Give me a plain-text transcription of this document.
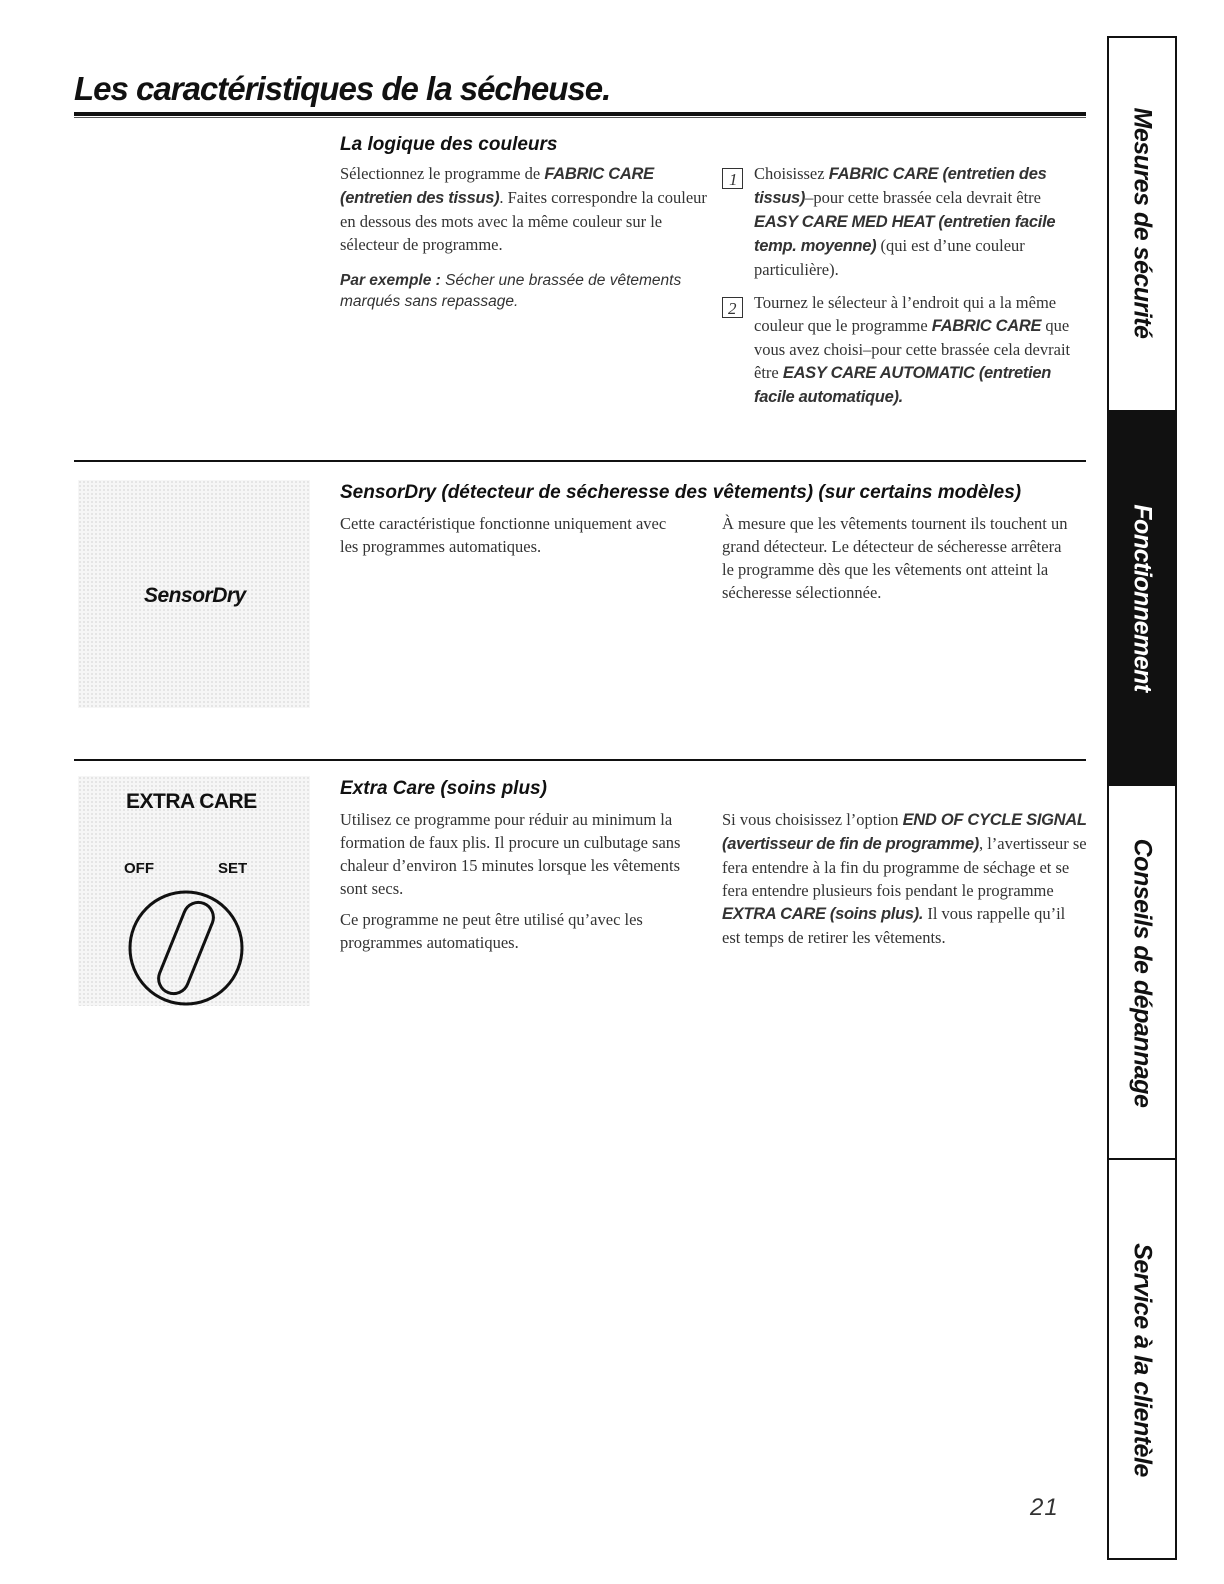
Les caractéristiques de la sécheuse.
La logique des couleurs

Sélectionnez le programme de FABRIC CARE (entretien des tissus). Faites correspondre la couleur en dessous des mots avec la même couleur sur le sélecteur de programme.

Par exemple : Sécher une brassée de vêtements marqués sans repassage.
1 Choisissez FABRIC CARE (entretien des tissus)–pour cette brassée cela devrait être EASY CARE MED HEAT (entretien facile temp. moyenne) (qui est d’une couleur particulière).
2 Tournez le sélecteur à l’endroit qui a la même couleur que le programme FABRIC CARE que vous avez choisi–pour cette brassée cela devrait être EASY CARE AUTOMATIC (entretien facile automatique).
SensorDry
SensorDry (détecteur de sécheresse des vêtements) (sur certains modèles)
Cette caractéristique fonctionne uniquement avec les programmes automatiques.
À mesure que les vêtements tournent ils touchent un grand détecteur. Le détecteur de sécheresse arrêtera le programme dès que les vêtements ont atteint la sécheresse sélectionnée.
EXTRA CARE
OFF	SET
Extra Care (soins plus)

Utilisez ce programme pour réduir au minimum la formation de faux plis. Il procure un culbutage sans chaleur d’environ 15 minutes lorsque les vêtements sont secs.

Ce programme ne peut être utilisé qu’avec les programmes automatiques.

Si vous choisissez l’option END OF CYCLE SIGNAL (avertisseur de fin de programme), l’avertisseur se fera entendre à la fin du programme de séchage et se fera entendre plusieurs fois pendant le programme EXTRA CARE (soins plus). Il vous rappelle qu’il est temps de retirer les vêtements.
Mesures de sécurité
Fonctionnement
Conseils de dépannage
Service à la clientèle
21
